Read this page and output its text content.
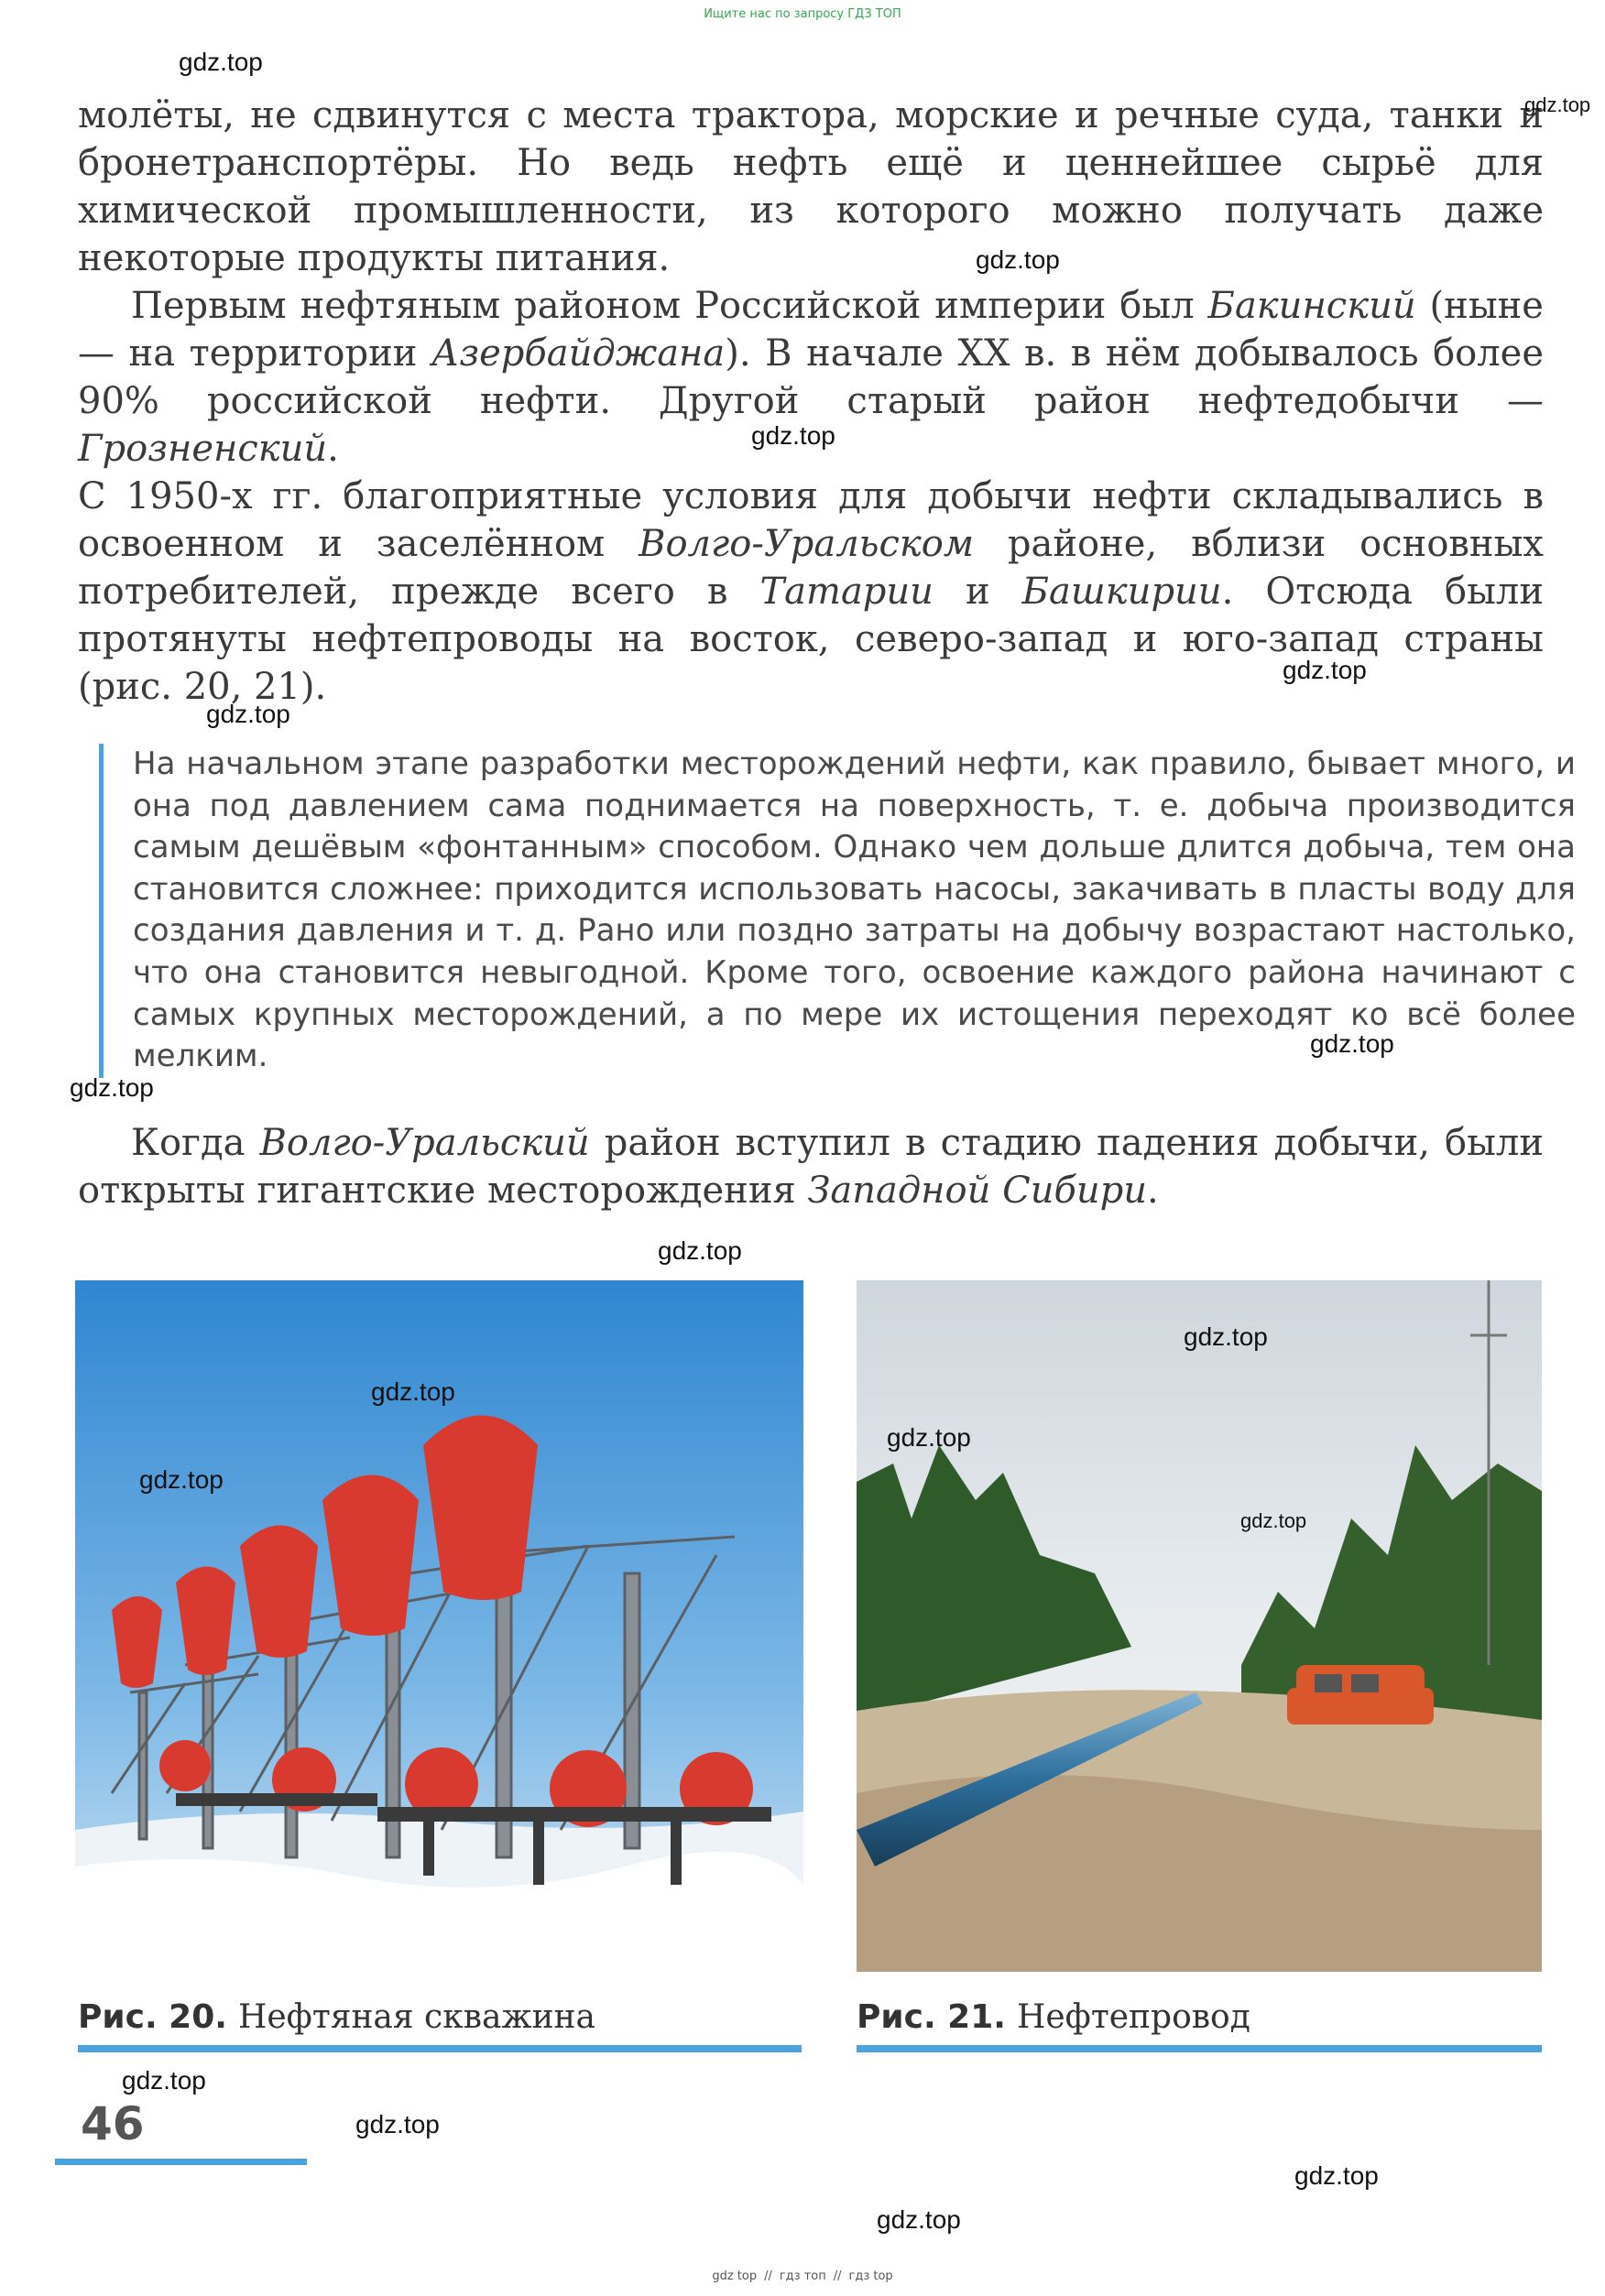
Ищите нас по запросу ГДЗ ТОП

молёты, не сдвинутся с места трактора, морские и речные суда, танки и бронетранспортёры. Но ведь нефть ещё и ценнейшее сырьё для химической промышленности, из которого можно получать даже некоторые продукты питания.

Первым нефтяным районом Российской империи был Бакинский (ныне — на территории Азербайджана). В начале XX в. в нём добывалось более 90% российской нефти. Другой старый район нефтедобычи — Грозненский.

С 1950-х гг. благоприятные условия для добычи нефти складывались в освоенном и заселённом Волго-Уральском районе, вблизи основных потребителей, прежде всего в Татарии и Башкирии. Отсюда были протянуты нефтепроводы на восток, северо-запад и юго-запад страны (рис. 20, 21).

На начальном этапе разработки месторождений нефти, как правило, бывает много, и она под давлением сама поднимается на поверхность, т. е. добыча производится самым дешёвым «фонтанным» способом. Однако чем дольше длится добыча, тем она становится сложнее: приходится использовать насосы, закачивать в пласты воду для создания давления и т. д. Рано или поздно затраты на добычу возрастают настолько, что она становится невыгодной. Кроме того, освоение каждого района начинают с самых крупных месторождений, а по мере их истощения переходят ко всё более мелким.

Когда Волго-Уральский район вступил в стадию падения добычи, были открыты гигантские месторождения Западной Сибири.

Рис. 20. Нефтяная скважина	Рис. 21. Нефтепровод
46
gdz.top
gdz.top
gdz.top
gdz.top
gdz.top
gdz.top
gdz.top
gdz.top
gdz.top
gdz.top
gdz.top
gdz.top
gdz.top
gdz.top
gdz.top
gdz.top
gdz.top
gdz.top
gdz top // гдз топ // гдз top
